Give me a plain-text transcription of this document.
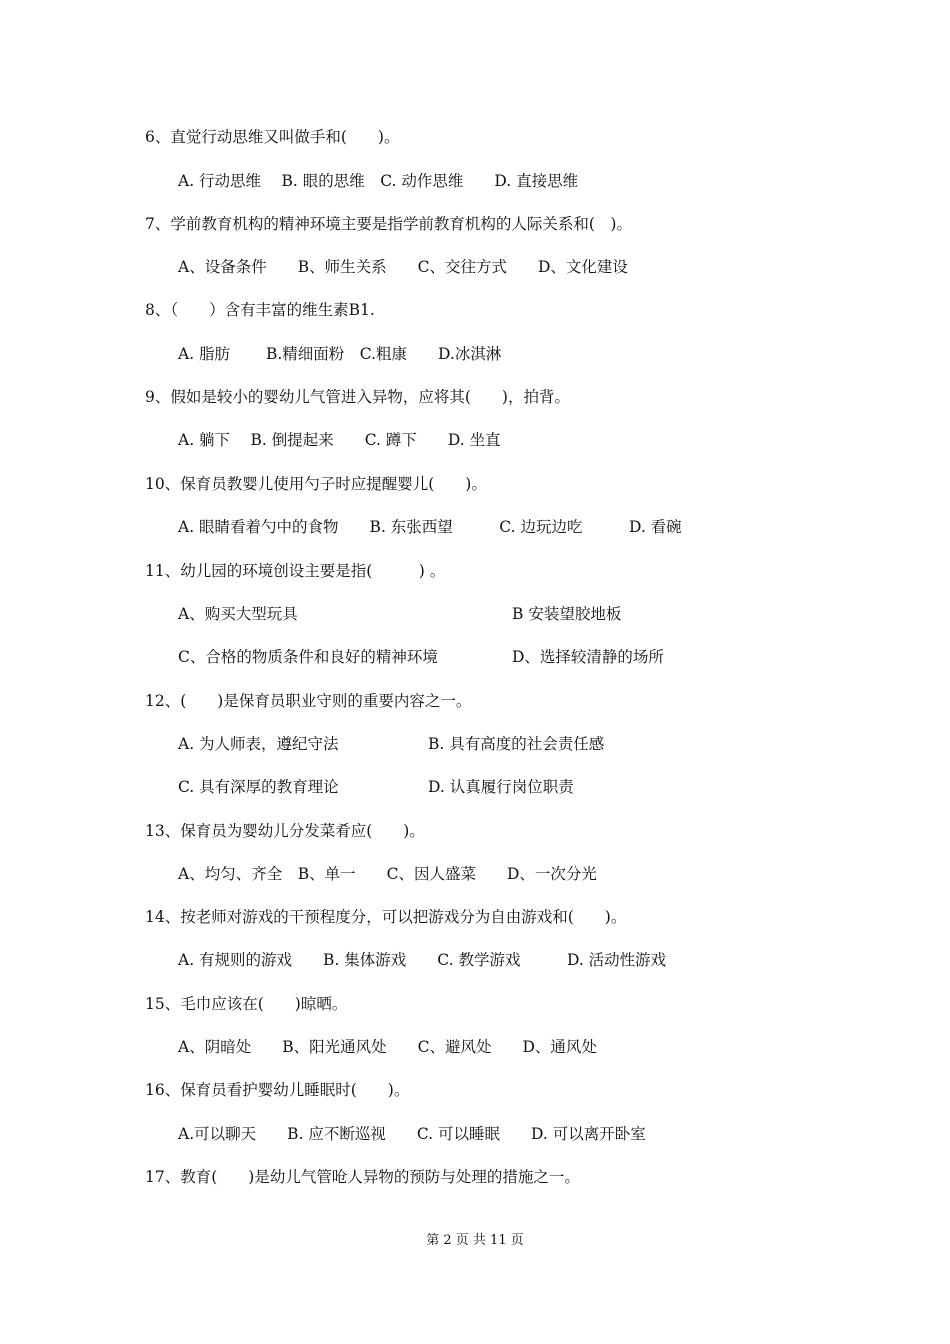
6、直觉行动思维又叫做手和(　　)。
A. 行动思维　 B. 眼的思维　C. 动作思维　　D. 直接思维
7、学前教育机构的精神环境主要是指学前教育机构的人际关系和(　)。
A、设备条件　　B、师生关系　　C、交往方式　　D、文化建设
8、（　　）含有丰富的维生素B1.
A. 脂肪　　 B.精细面粉　C.粗康　　D.冰淇淋
9、假如是较小的婴幼儿气管进入异物，应将其(　　)，拍背。
A. 躺下　 B. 倒提起来　　C. 蹲下　　D. 坐直
10、保育员教婴儿使用勺子时应提醒婴儿(　　)。
A. 眼睛看着勺中的食物　　B. 东张西望　　　C. 边玩边吃　　　D. 看碗
11、幼儿园的环境创设主要是指(　　　) 。
A、购买大型玩具	B 安装望胶地板
C、合格的物质条件和良好的精神环境	D、选择较清静的场所
12、(　　)是保育员职业守则的重要内容之一。
A. 为人师表，遵纪守法	B. 具有高度的社会责任感
C. 具有深厚的教育理论	D. 认真履行岗位职责
13、保育员为婴幼儿分发菜肴应(　　)。
A、均匀、齐全　B、单一　　C、因人盛菜　　D、一次分光
14、按老师对游戏的干预程度分，可以把游戏分为自由游戏和(　　)。
A. 有规则的游戏　　B. 集体游戏　　C. 教学游戏　　　D. 活动性游戏
15、毛巾应该在(　　)晾晒。
A、阴暗处　　B、阳光通风处　　C、避风处　　D、通风处
16、保育员看护婴幼儿睡眠时(　　)。
A.可以聊天　　B. 应不断巡视　　C. 可以睡眠　　D. 可以离开卧室
17、教育(　　)是幼儿气管呛人异物的预防与处理的措施之一。
第 2 页 共 11 页
